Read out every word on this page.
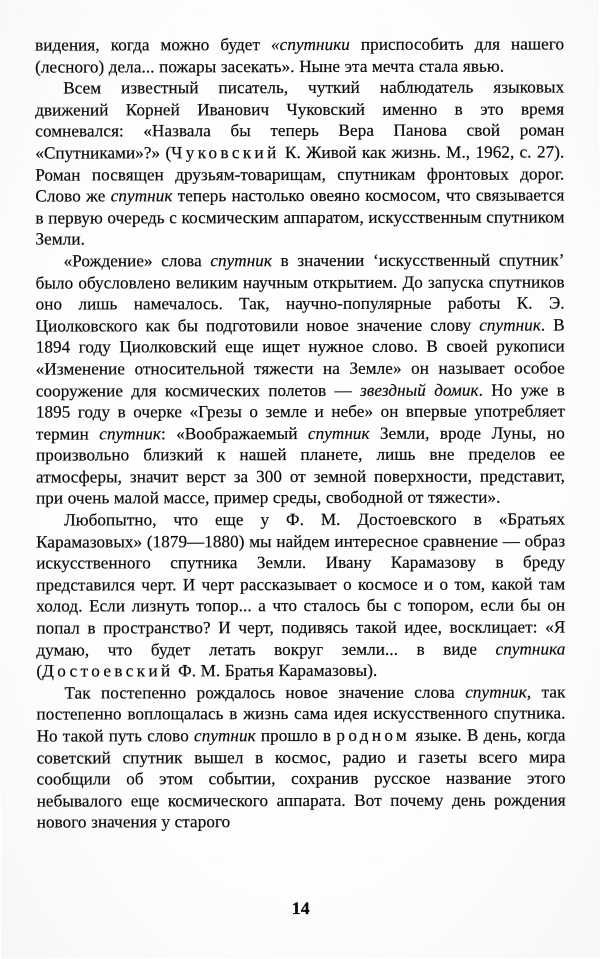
видения, когда можно будет «спутники приспособить для нашего (лесного) дела... пожары засекать». Ныне эта мечта стала явью.

Всем известный писатель, чуткий наблюдатель языковых движений Корней Иванович Чуковский именно в это время сомневался: «Назвала бы теперь Вера Панова свой роман «Спутниками»?» (Чуковский К. Живой как жизнь. М., 1962, с. 27). Роман посвящен друзьям-товарищам, спутникам фронтовых дорог. Слово же спутник теперь настолько овеяно космосом, что связывается в первую очередь с космическим аппаратом, искусственным спутником Земли.

«Рождение» слова спутник в значении ‘искусственный спутник’ было обусловлено великим научным открытием. До запуска спутников оно лишь намечалось. Так, научно-популярные работы К. Э. Циолковского как бы подготовили новое значение слову спутник. В 1894 году Циолковский еще ищет нужное слово. В своей рукописи «Изменение относительной тяжести на Земле» он называет особое сооружение для космических полетов — звездный домик. Но уже в 1895 году в очерке «Грезы о земле и небе» он впервые употребляет термин спутник: «Воображаемый спутник Земли, вроде Луны, но произвольно близкий к нашей планете, лишь вне пределов ее атмосферы, значит верст за 300 от земной поверхности, представит, при очень малой массе, пример среды, свободной от тяжести».

Любопытно, что еще у Ф. М. Достоевского в «Братьях Карамазовых» (1879—1880) мы найдем интересное сравнение — образ искусственного спутника Земли. Ивану Карамазову в бреду представился черт. И черт рассказывает о космосе и о том, какой там холод. Если лизнуть топор... а что сталось бы с топором, если бы он попал в пространство? И черт, подивясь такой идее, восклицает: «Я думаю, что будет летать вокруг земли... в виде спутника (Достоевский Ф. М. Братья Карамазовы).

Так постепенно рождалось новое значение слова спутник, так постепенно воплощалась в жизнь сама идея искусственного спутника. Но такой путь слово спутник прошло в родном языке. В день, когда советский спутник вышел в космос, радио и газеты всего мира сообщили об этом событии, сохранив русское название этого небывалого еще космического аппарата. Вот почему день рождения нового значения у старого

14
